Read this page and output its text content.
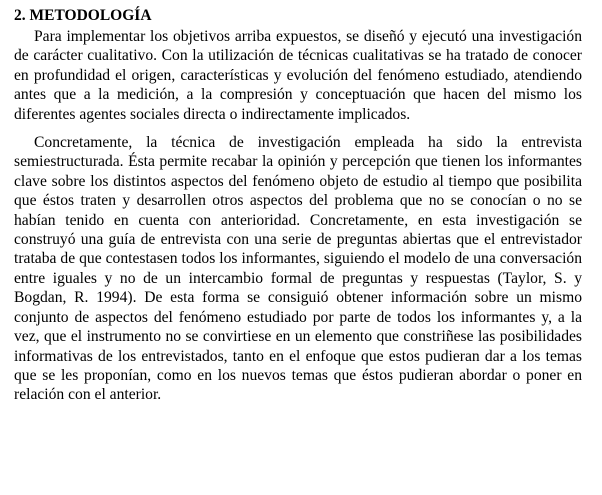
2. METODOLOGÍA

Para implementar los objetivos arriba expuestos, se diseñó y ejecutó una investigación de carácter cualitativo. Con la utilización de técnicas cualitativas se ha tratado de conocer en profundidad el origen, características y evolución del fenómeno estudiado, atendiendo antes que a la medición, a la compresión y conceptuación que hacen del mismo los diferentes agentes sociales directa o indirectamente implicados.

Concretamente, la técnica de investigación empleada ha sido la entrevista semiestructurada. Ésta permite recabar la opinión y percepción que tienen los informantes clave sobre los distintos aspectos del fenómeno objeto de estudio al tiempo que posibilita que éstos traten y desarrollen otros aspectos del problema que no se conocían o no se habían tenido en cuenta con anterioridad. Concretamente, en esta investigación se construyó una guía de entrevista con una serie de preguntas abiertas que el entrevistador trataba de que contestasen todos los informantes, siguiendo el modelo de una conversación entre iguales y no de un intercambio formal de preguntas y respuestas (Taylor, S. y Bogdan, R. 1994). De esta forma se consiguió obtener información sobre un mismo conjunto de aspectos del fenómeno estudiado por parte de todos los informantes y, a la vez, que el instrumento no se convirtiese en un elemento que constriñese las posibilidades informativas de los entrevistados, tanto en el enfoque que estos pudieran dar a los temas que se les proponían, como en los nuevos temas que éstos pudieran abordar o poner en relación con el anterior.
